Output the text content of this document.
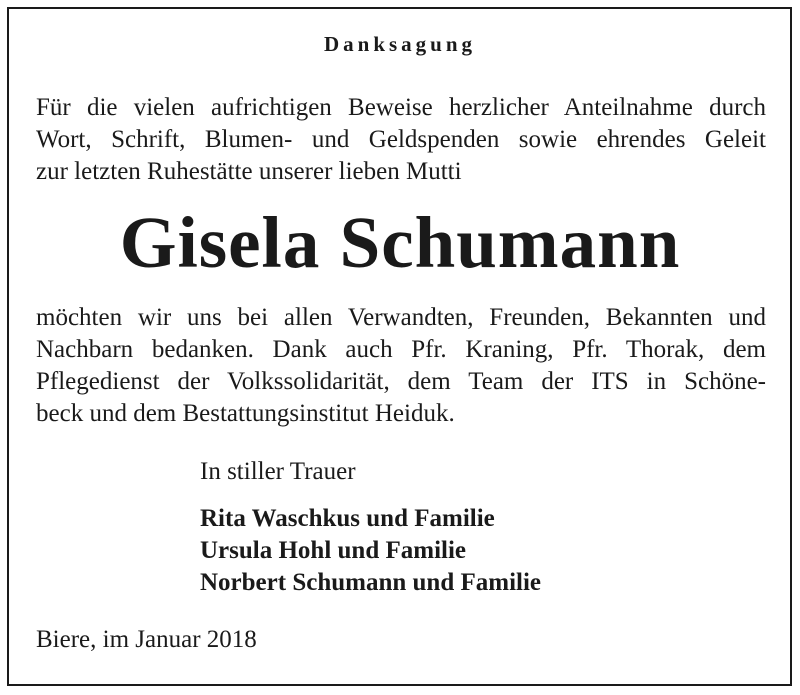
Danksagung
Für die vielen aufrichtigen Beweise herzlicher Anteilnahme durch
Wort, Schrift, Blumen- und Geldspenden sowie ehrendes Geleit
zur letzten Ruhestätte unserer lieben Mutti
Gisela Schumann
möchten wir uns bei allen Verwandten, Freunden, Bekannten und
Nachbarn bedanken. Dank auch Pfr. Kraning, Pfr. Thorak, dem
Pflegedienst der Volkssolidarität, dem Team der ITS in Schöne-
beck und dem Bestattungsinstitut Heiduk.
In stiller Trauer
Rita Waschkus und Familie
Ursula Hohl und Familie
Norbert Schumann und Familie
Biere, im Januar 2018
